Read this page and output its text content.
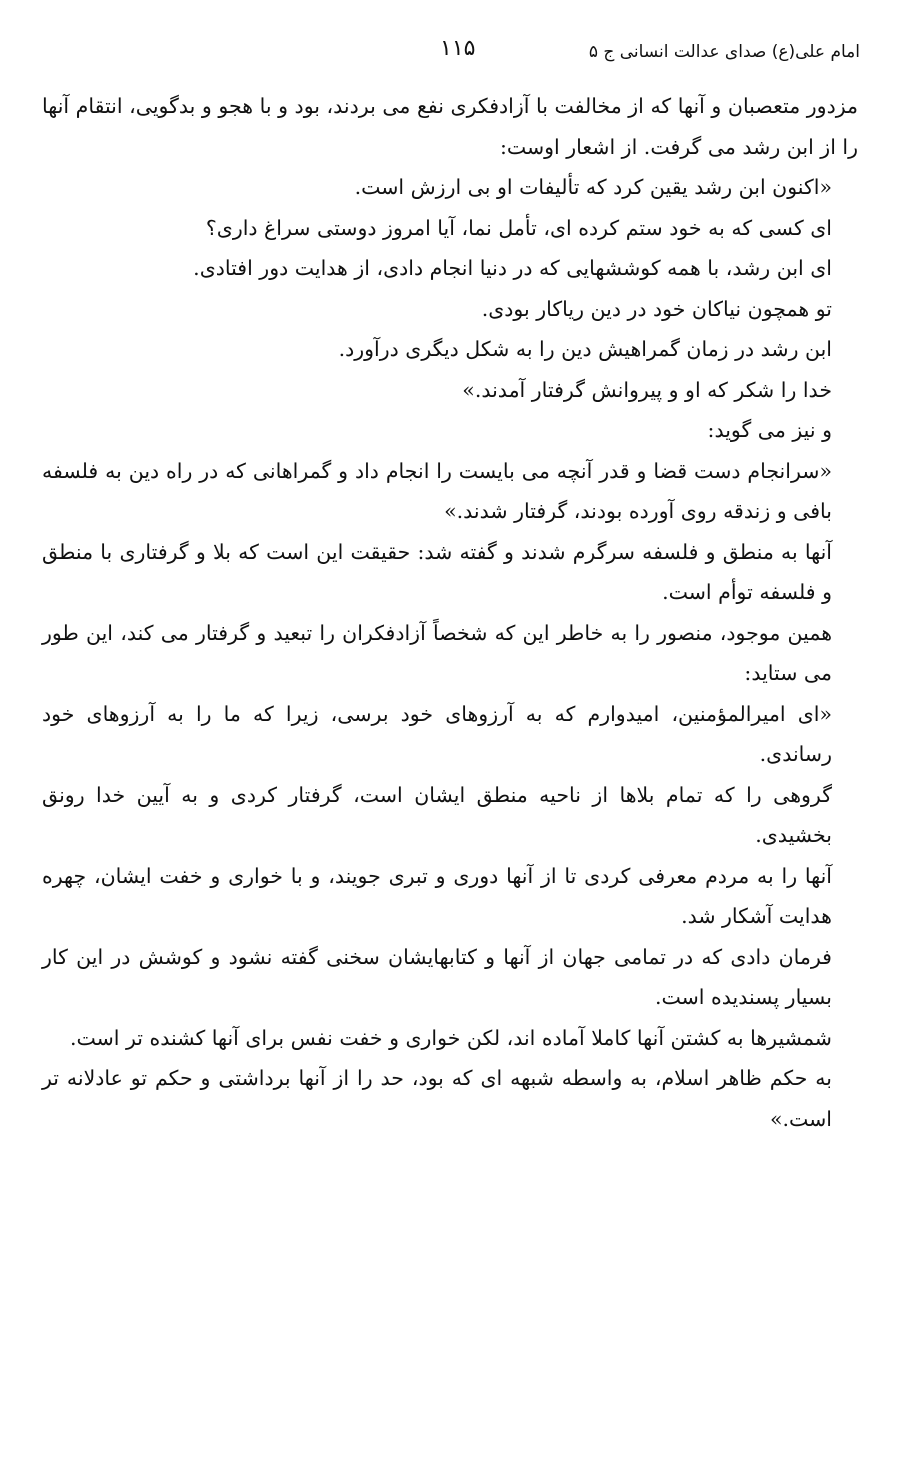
امام علی(ع) صدای عدالت انسانی ج ۵
۱۱۵

مزدور متعصبان و آنها که از مخالفت با آزادفکری نفع می بردند، بود و با هجو و بدگویی، انتقام آنها را از ابن رشد می گرفت. از اشعار اوست:

«اکنون ابن رشد یقین کرد که تألیفات او بی ارزش است.

ای کسی که به خود ستم کرده ای، تأمل نما، آیا امروز دوستی سراغ داری؟

ای ابن رشد، با همه کوششهایی که در دنیا انجام دادی، از هدایت دور افتادی.

تو همچون نیاکان خود در دین ریاکار بودی.

ابن رشد در زمان گمراهیش دین را به شکل دیگری درآورد.

خدا را شکر که او و پیروانش گرفتار آمدند.»

و نیز می گوید:

«سرانجام دست قضا و قدر آنچه می بایست را انجام داد و گمراهانی که در راه دین به فلسفه بافی و زندقه روی آورده بودند، گرفتار شدند.»

آنها به منطق و فلسفه سرگرم شدند و گفته شد: حقیقت این است که بلا و گرفتاری با منطق و فلسفه توأم است.

همین موجود، منصور را به خاطر این که شخصاً آزادفکران را تبعید و گرفتار می کند، این طور می ستاید:

«ای امیرالمؤمنین، امیدوارم که به آرزوهای خود برسی، زیرا که ما را به آرزوهای خود رساندی.

گروهی را که تمام بلاها از ناحیه منطق ایشان است، گرفتار کردی و به آیین خدا رونق بخشیدی.

آنها را به مردم معرفی کردی تا از آنها دوری و تبری جویند، و با خواری و خفت ایشان، چهره هدایت آشکار شد.

فرمان دادی که در تمامی جهان از آنها و کتابهایشان سخنی گفته نشود و کوشش در این کار بسیار پسندیده است.

شمشیرها به کشتن آنها کاملا آماده اند، لکن خواری و خفت نفس برای آنها کشنده تر است.

به حکم ظاهر اسلام، به واسطه شبهه ای که بود، حد را از آنها برداشتی و حکم تو عادلانه تر است.»
